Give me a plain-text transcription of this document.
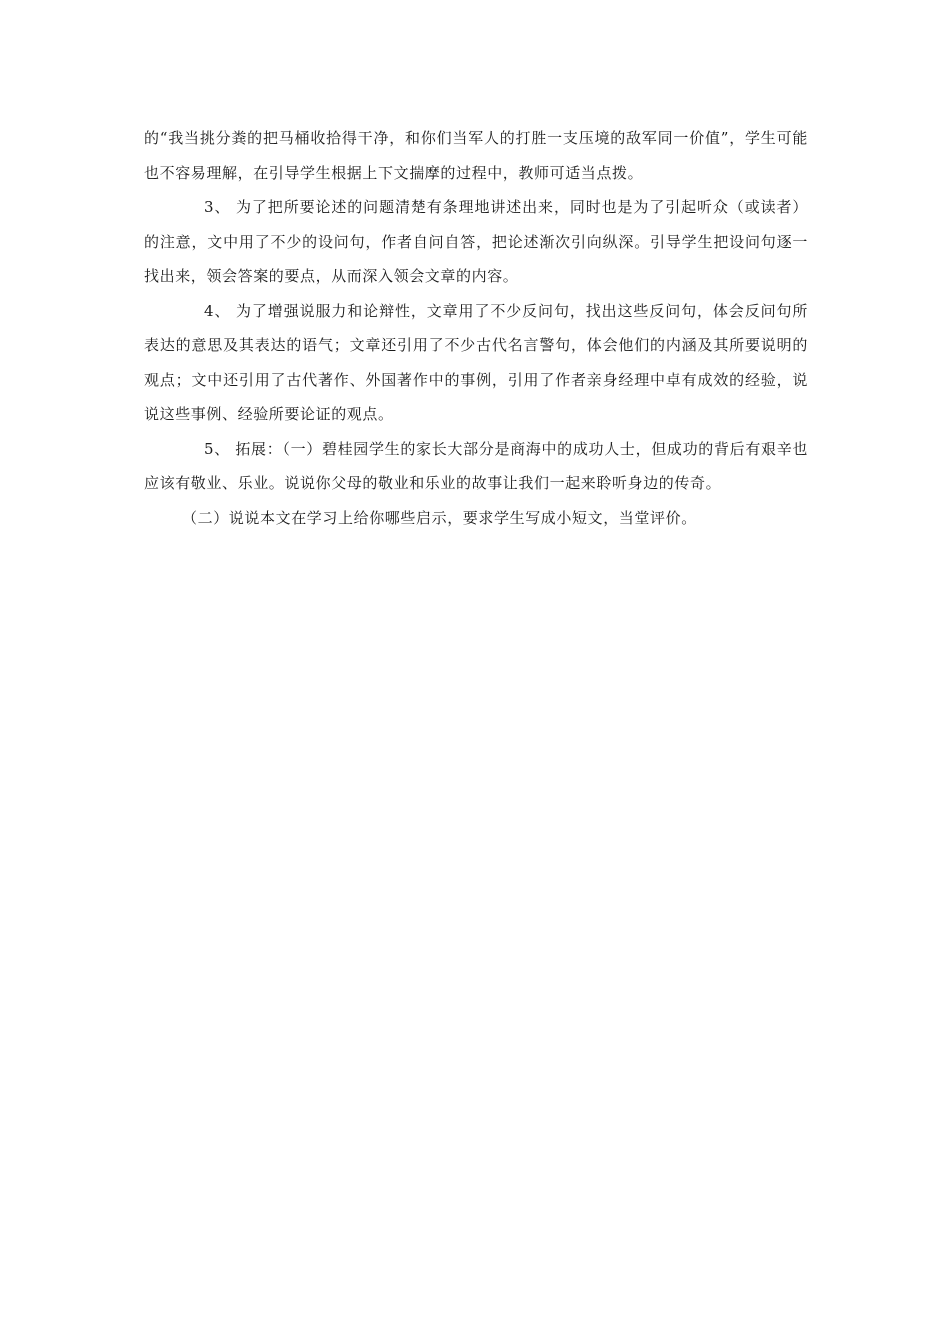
的“我当挑分粪的把马桶收拾得干净，和你们当军人的打胜一支压境的敌军同一价值”，学生可能也不容易理解，在引导学生根据上下文揣摩的过程中，教师可适当点拨。

3、 为了把所要论述的问题清楚有条理地讲述出来，同时也是为了引起听众（或读者）的注意，文中用了不少的设问句，作者自问自答，把论述渐次引向纵深。引导学生把设问句逐一找出来，领会答案的要点，从而深入领会文章的内容。

4、 为了增强说服力和论辩性，文章用了不少反问句，找出这些反问句，体会反问句所表达的意思及其表达的语气；文章还引用了不少古代名言警句，体会他们的内涵及其所要说明的观点；文中还引用了古代著作、外国著作中的事例，引用了作者亲身经理中卓有成效的经验，说说这些事例、经验所要论证的观点。

5、 拓展：（一）碧桂园学生的家长大部分是商海中的成功人士，但成功的背后有艰辛也应该有敬业、乐业。说说你父母的敬业和乐业的故事让我们一起来聆听身边的传奇。

（二）说说本文在学习上给你哪些启示，要求学生写成小短文，当堂评价。
